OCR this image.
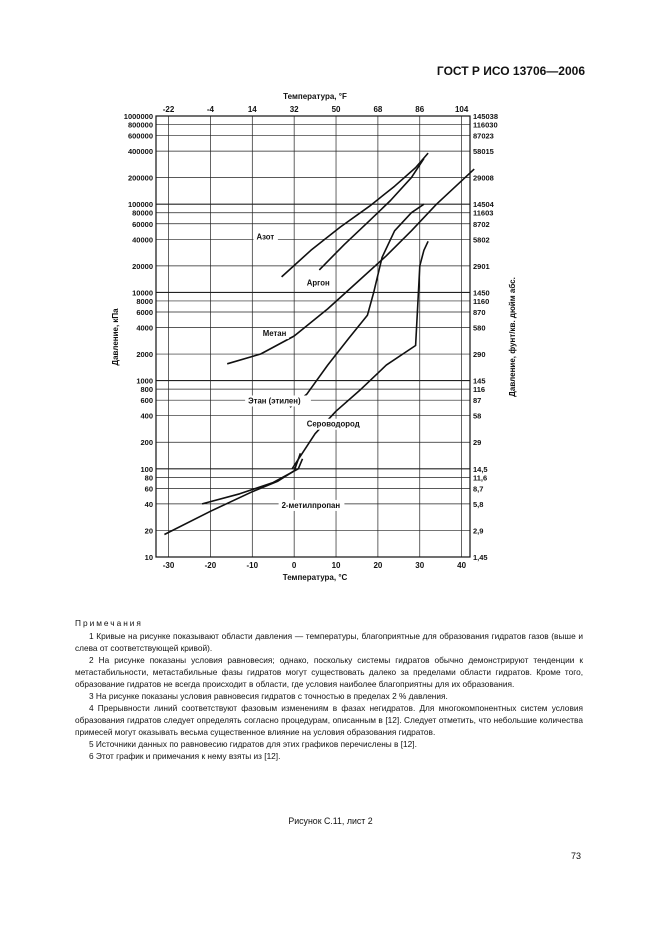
ГОСТ Р ИСО 13706—2006
-30	-20	-10	0	10	20	30	40
-22	-4	14	32	50	68	86	104
10
20
40
60
80
100
200
400
600
800
1000
2000
4000
6000
8000
10000
20000
40000
60000
80000
100000
200000
400000
600000
800000
1000000
1,45
2,9
5,8
8,7
11,6
14,5
29
58
87
116
145
290
580
870
1160
1450
2901
5802
8702
11603
14504
29008
58015
87023
116030
145038
Азот
Аргон
Метан
Этан (этилен)
Сероводород
2-метилпропан
Давление, кПа	Давление, фунт/кв. дюйм абс.
Температура, °C
Температура, °F
Примечания

1 Кривые на рисунке показывают области давления — температуры, благоприятные для образования гидратов газов (выше и слева от соответствующей кривой).

2 На рисунке показаны условия равновесия; однако, поскольку системы гидратов обычно демонстрируют тенденции к метастабильности, метастабильные фазы гидратов могут существовать далеко за пределами области гидратов. Кроме того, образование гидратов не всегда происходит в области, где условия наиболее благоприятны для их образования.

3 На рисунке показаны условия равновесия гидратов с точностью в пределах 2 % давления.

4 Прерывности линий соответствуют фазовым изменениям в фазах негидратов. Для многокомпонентных систем условия образования гидратов следует определять согласно процедурам, описанным в [12]. Следует отметить, что небольшие количества примесей могут оказывать весьма существенное влияние на условия образования гидратов.

5 Источники данных по равновесию гидратов для этих графиков перечислены в [12].

6 Этот график и примечания к нему взяты из [12].

Рисунок С.11, лист 2
73
